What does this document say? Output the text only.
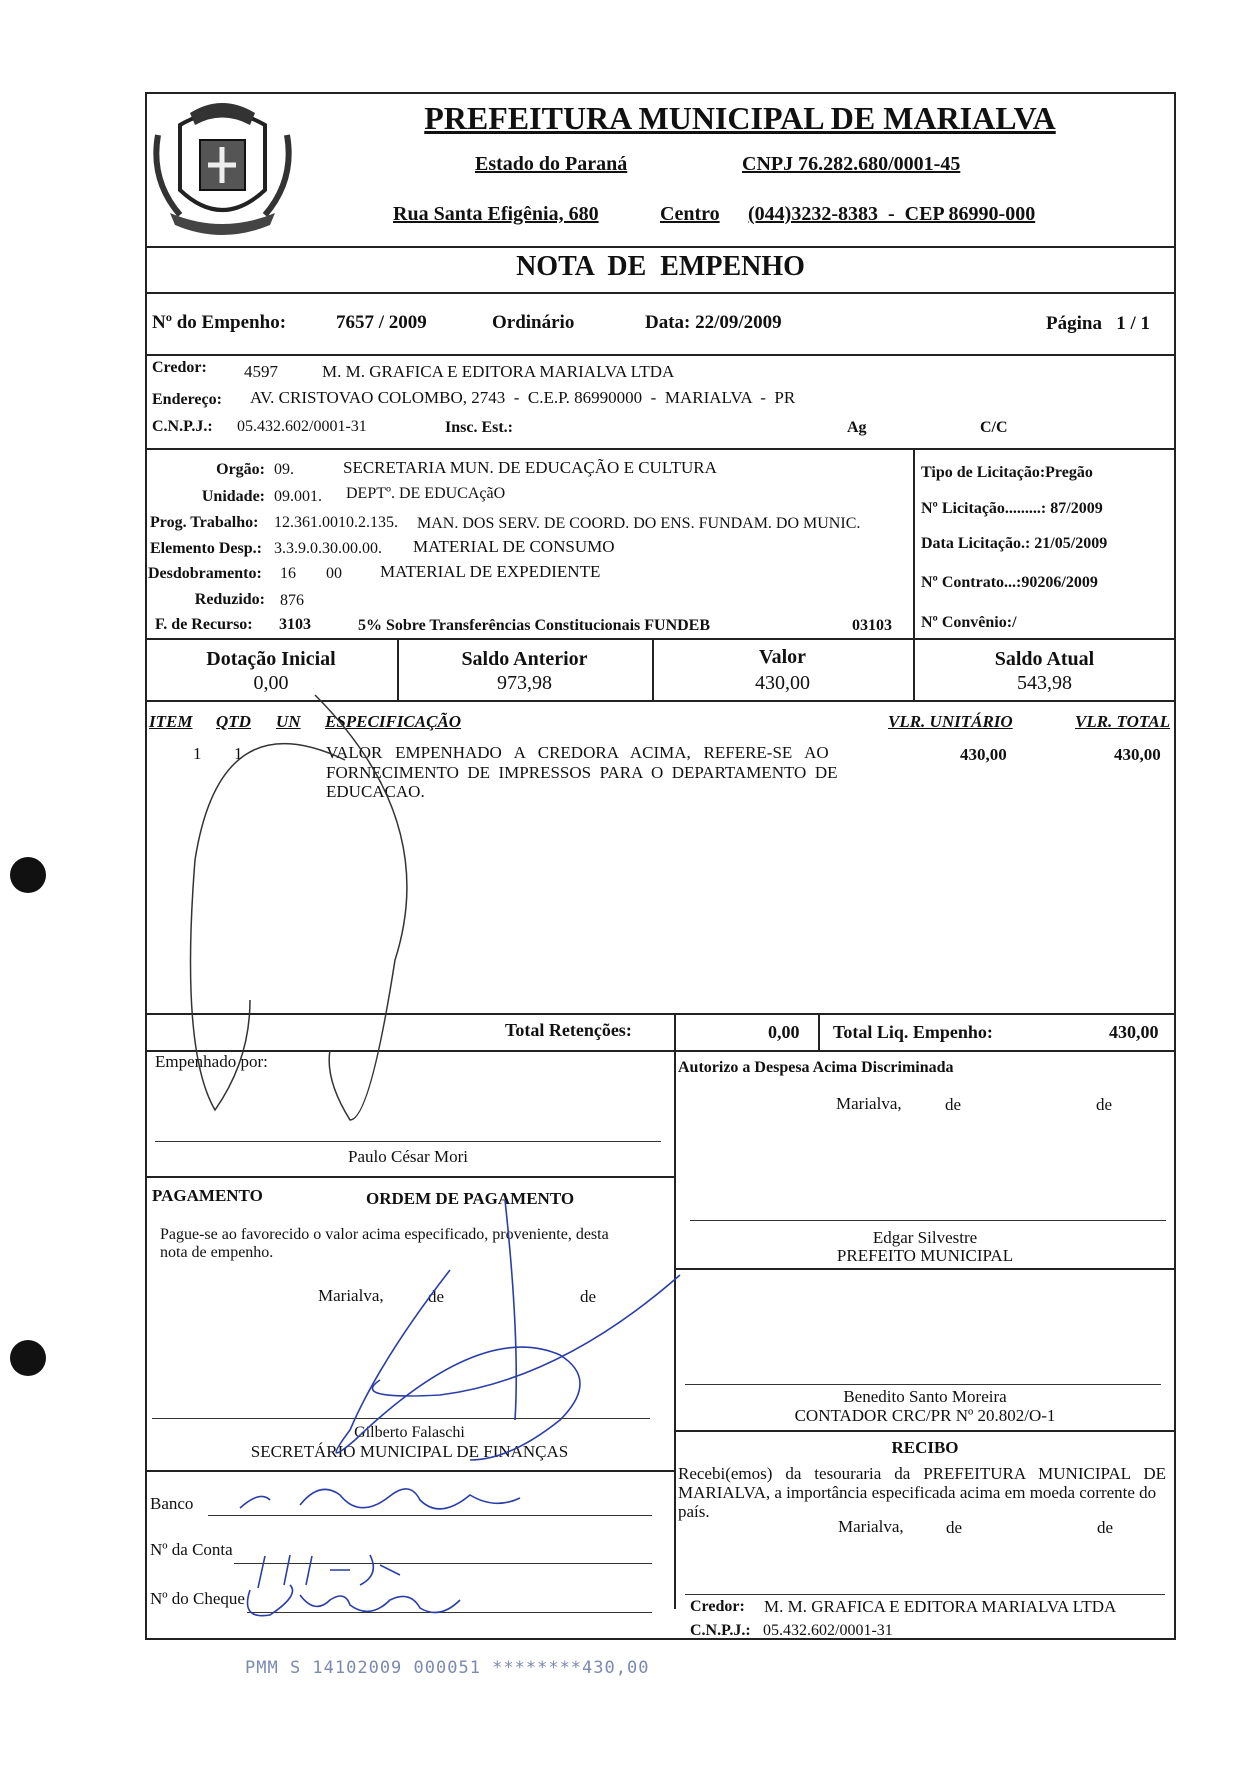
PREFEITURA MUNICIPAL DE MARIALVA
Estado do Paraná	CNPJ 76.282.680/0001-45
Rua Santa Efigênia, 680	Centro (044)3232-8383  -  CEP 86990-000
NOTA  DE  EMPENHO
Nº do Empenho:	7657 / 2009	Ordinário	Data: 22/09/2009	Página   1 / 1
Credor: 4597	M. M. GRAFICA E EDITORA MARIALVA LTDA
Endereço: AV. CRISTOVAO COLOMBO, 2743  -  C.E.P. 86990000  -  MARIALVA  -  PR
C.N.P.J.: 05.432.602/0001-31	Insc. Est.:	Ag	C/C
Orgão: 09.	SECRETARIA MUN. DE EDUCAÇÃO E CULTURA
Unidade: 09.001. DEPTº. DE EDUCAçãO
Prog. Trabalho: 12.361.0010.2.135. MAN. DOS SERV. DE COORD. DO ENS. FUNDAM. DO MUNIC.
Elemento Desp.: 3.3.9.0.30.00.00. MATERIAL DE CONSUMO
Desdobramento: 16 00 MATERIAL DE EXPEDIENTE
Reduzido: 876
F. de Recurso: 3103	5% Sobre Transferências Constitucionais FUNDEB	03103
Tipo de Licitação:Pregão
Nº Licitação.........: 87/2009
Data Licitação.: 21/05/2009
Nº Contrato...:90206/2009
Nº Convênio:/
Dotação Inicial
0,00
Saldo Anterior
973,98
Valor
430,00
Saldo Atual
543,98
ITEM QTD UN ESPECIFICAÇÃO	VLR. UNITÁRIO	VLR. TOTAL
1 1	VALOR   EMPENHADO   A   CREDORA   ACIMA,   REFERE-SE   AO
FORNECIMENTO  DE  IMPRESSOS  PARA  O  DEPARTAMENTO  DE
EDUCACAO.
430,00	430,00
Total Retenções:	0,00 Total Liq. Empenho:	430,00
Empenhado por:
Paulo César Mori
Autorizo a Despesa Acima Discriminada
Marialva,	de	de
Edgar Silvestre
PREFEITO MUNICIPAL
PAGAMENTO	ORDEM DE PAGAMENTO
Pague-se ao favorecido o valor acima especificado, proveniente, desta
nota de empenho.
Marialva,	de	de
Gilberto Falaschi
SECRETÁRIO MUNICIPAL DE FINANÇAS
Benedito Santo Moreira
CONTADOR CRC/PR Nº 20.802/O-1
RECIBO
Recebi(emos) da tesouraria da PREFEITURA MUNICIPAL DE
MARIALVA, a importância especificada acima em moeda corrente do
país.
Marialva, de	de
Credor: M. M. GRAFICA E EDITORA MARIALVA LTDA
C.N.P.J.: 05.432.602/0001-31
Banco
Nº da Conta
Nº do Cheque
PMM S 14102009 000051 ********430,00
